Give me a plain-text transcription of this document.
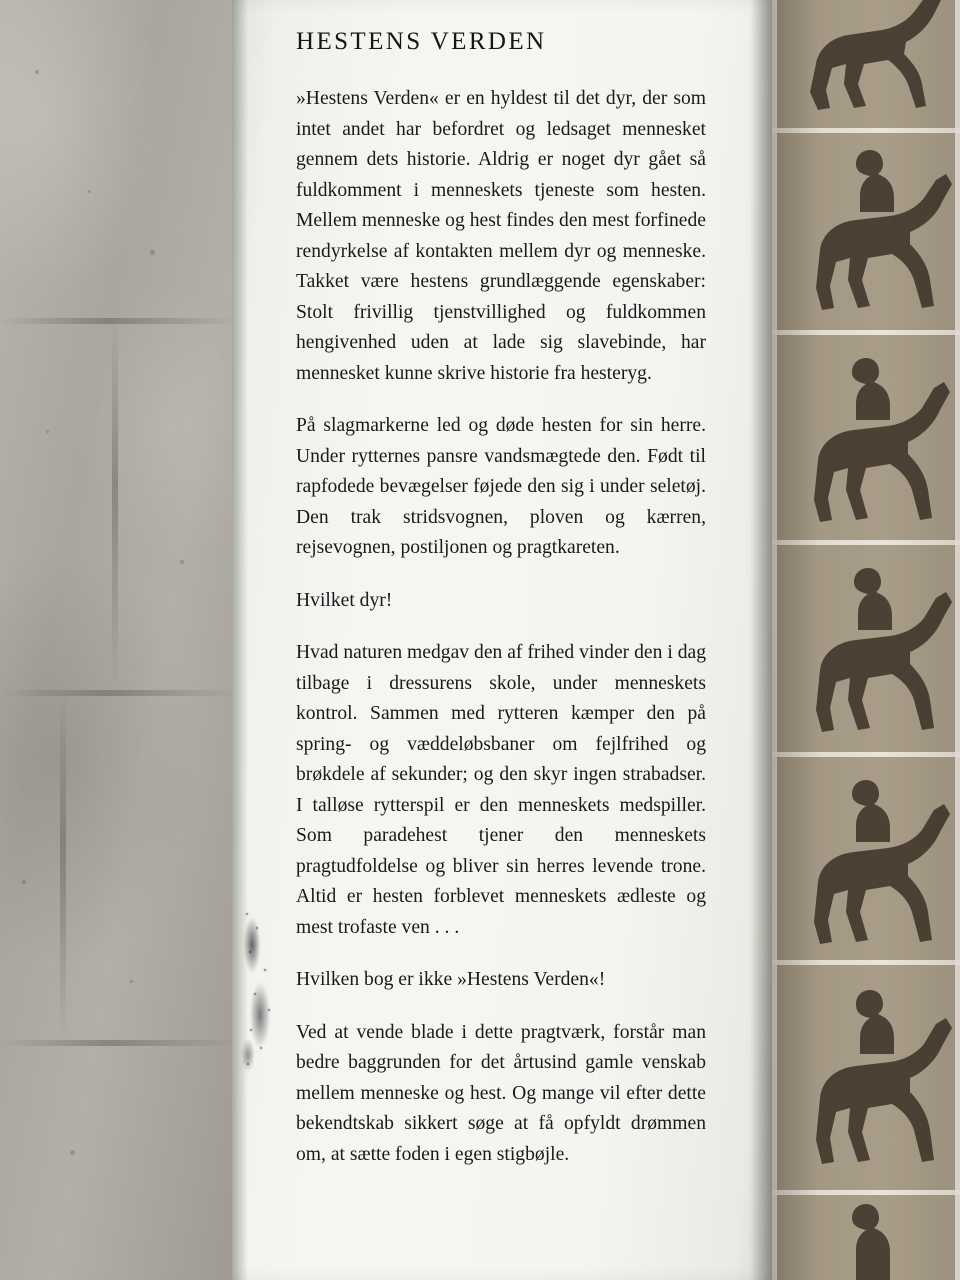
HESTENS VERDEN

»Hestens Verden« er en hyldest til det dyr, der som intet andet har befordret og ledsaget mennesket gennem dets historie. Aldrig er noget dyr gået så fuldkomment i menneskets tjeneste som hesten. Mellem menneske og hest findes den mest forfinede rendyrkelse af kontakten mellem dyr og menneske. Takket være hestens grundlæggende egenskaber: Stolt frivillig tjenstvillighed og fuldkommen hengivenhed uden at lade sig slavebinde, har mennesket kunne skrive historie fra hesteryg.

På slagmarkerne led og døde hesten for sin herre. Under rytternes pansre vandsmægtede den. Født til rapfodede bevægelser føjede den sig i under seletøj. Den trak stridsvognen, ploven og kærren, rejsevognen, postiljonen og pragtkareten.

Hvilket dyr!

Hvad naturen medgav den af frihed vinder den i dag tilbage i dressurens skole, under menneskets kontrol. Sammen med rytteren kæmper den på spring- og væddeløbsbaner om fejlfrihed og brøkdele af sekunder; og den skyr ingen strabadser. I talløse rytterspil er den menneskets medspiller. Som paradehest tjener den menneskets pragtudfoldelse og bliver sin herres levende trone. Altid er hesten forblevet menneskets ædleste og mest trofaste ven . . .

Hvilken bog er ikke »Hestens Verden«!

Ved at vende blade i dette pragtværk, forstår man bedre baggrunden for det årtusind gamle venskab mellem menneske og hest. Og mange vil efter dette bekendtskab sikkert søge at få opfyldt drømmen om, at sætte foden i egen stigbøjle.
